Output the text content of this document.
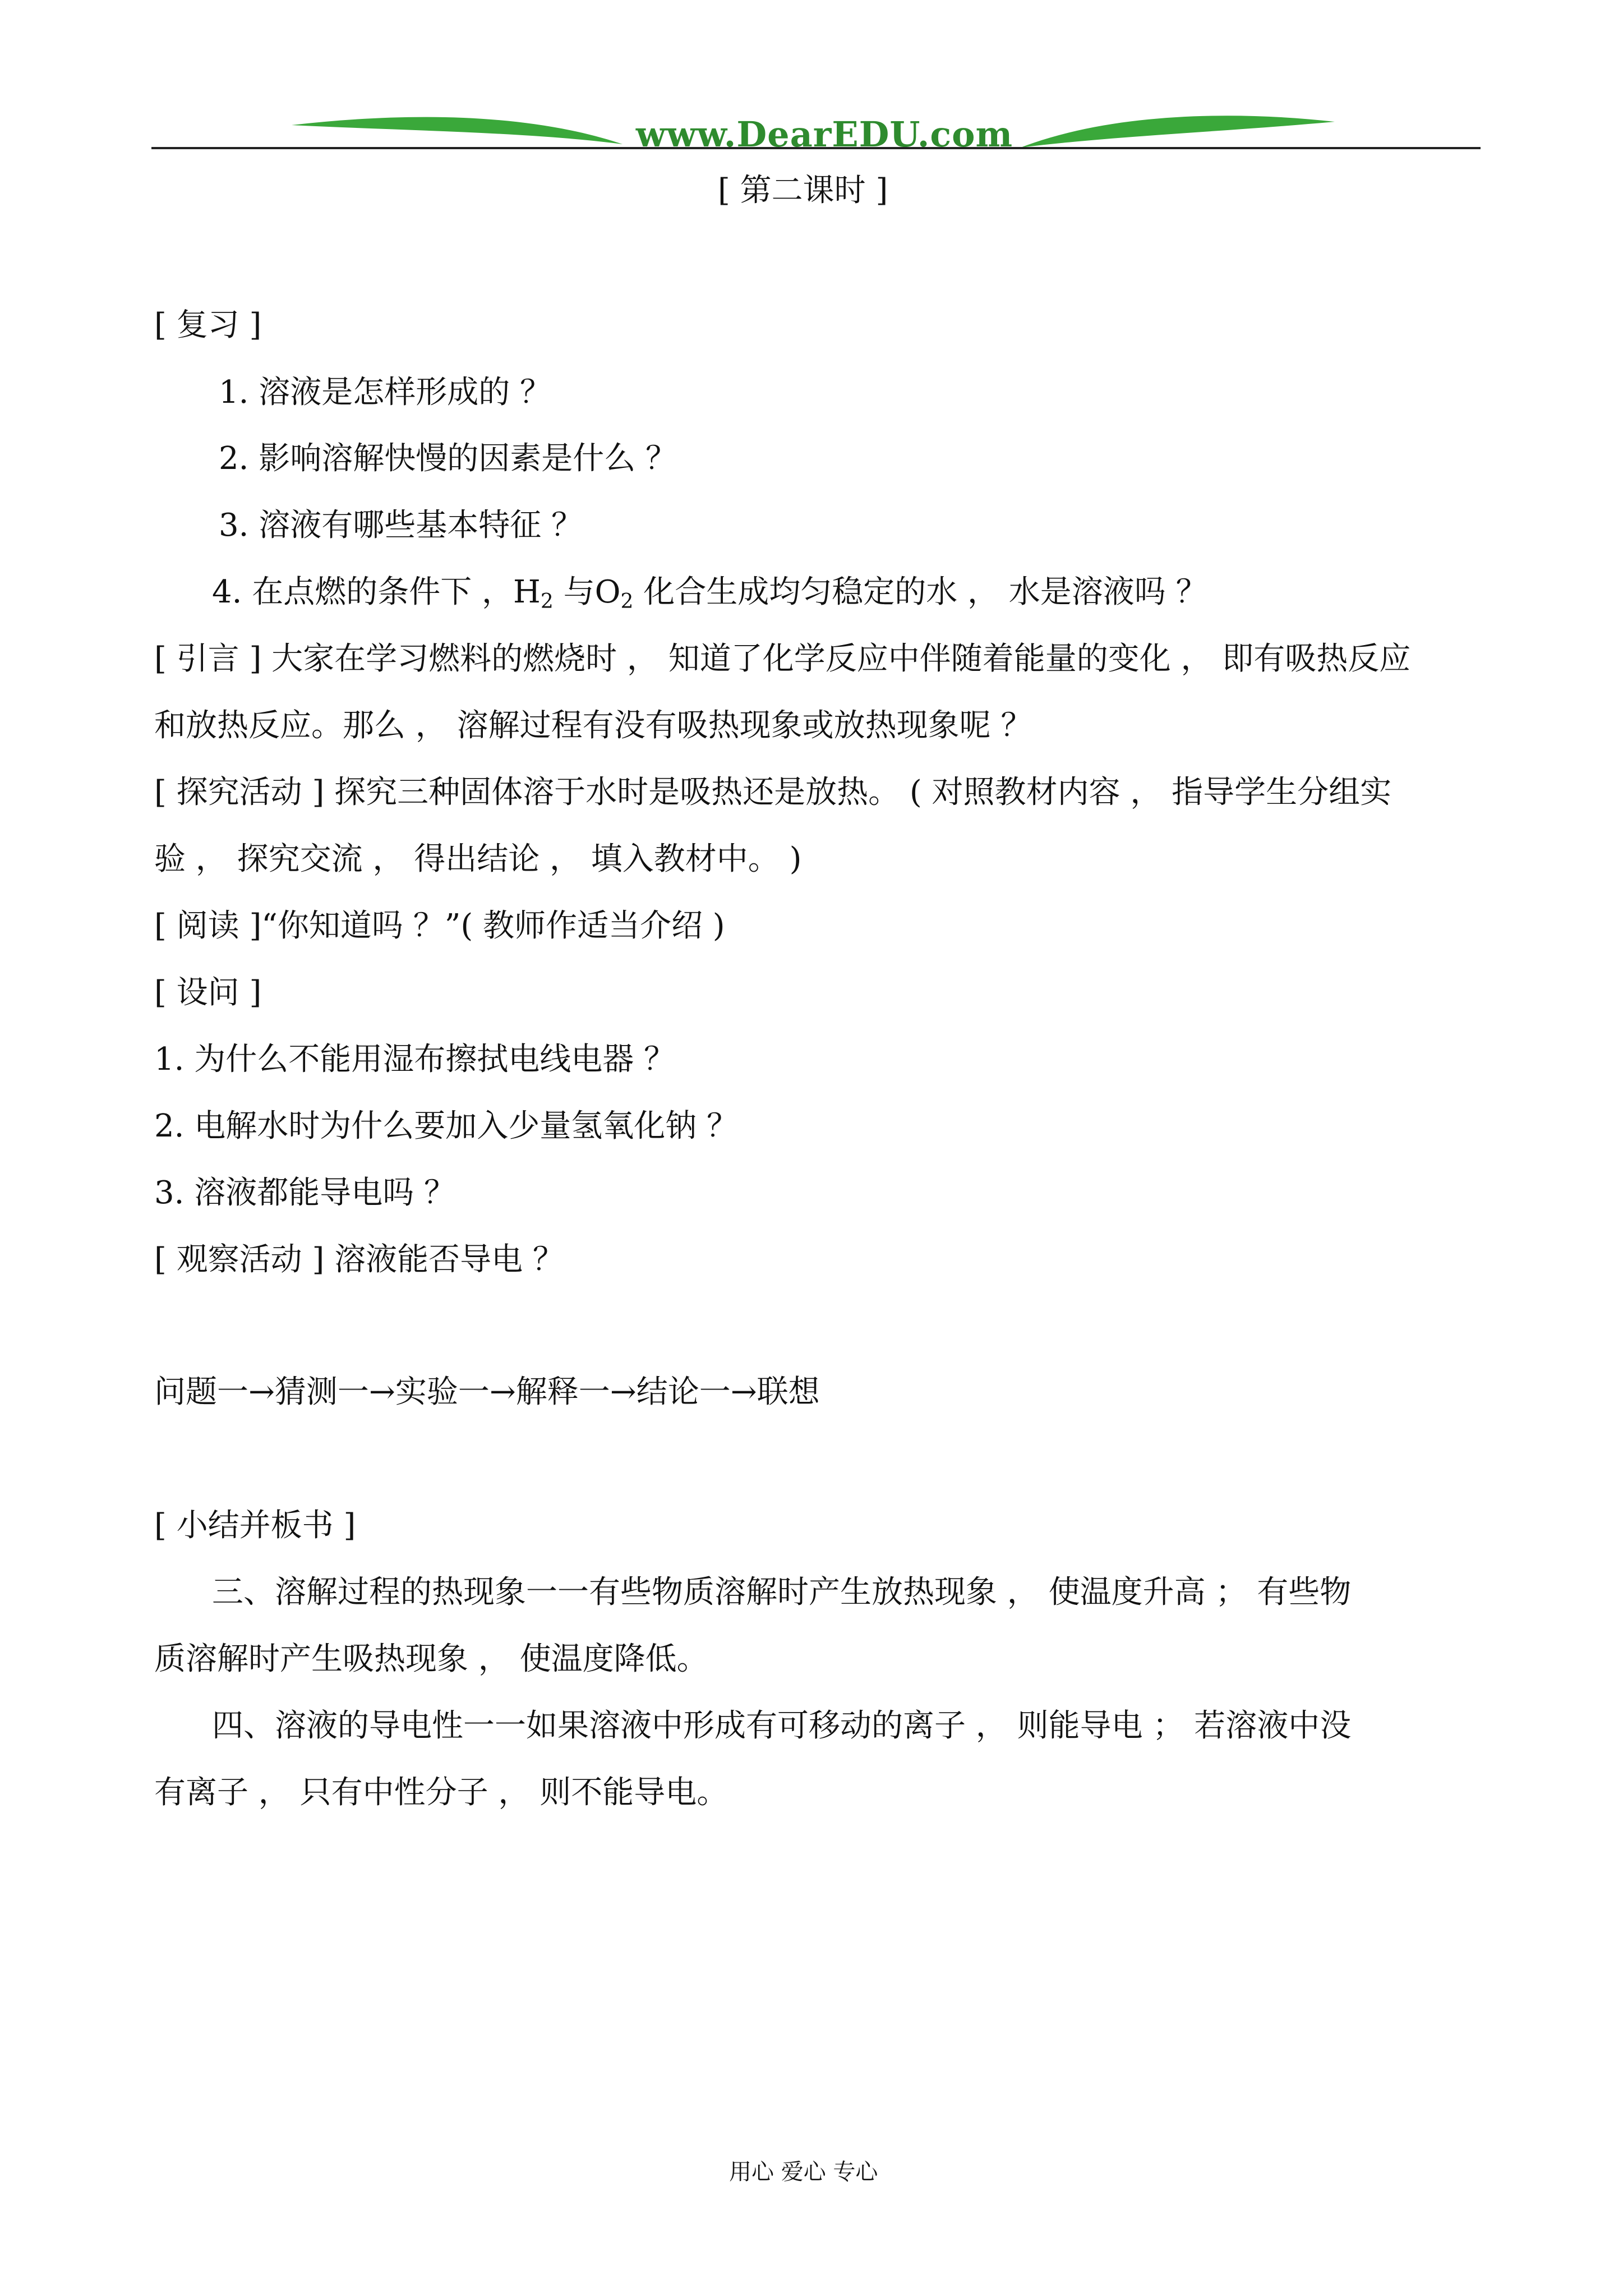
www.DearEDU.com
[ 第二课时 ]
[ 复习 ]
1. 溶液是怎样形成的 ？
2. 影响溶解快慢的因素是什么 ？
3. 溶液有哪些基本特征 ？
4. 在点燃的条件下 ，$H_2$ 与$O_2$ 化合生成均匀稳定的水 ， 水是溶液吗 ？
[ 引言 ] 大家在学习燃料的燃烧时 ， 知道了化学反应中伴随着能量的变化 ， 即有吸热反应
和放热反应。那么 ， 溶解过程有没有吸热现象或放热现象呢 ？
[ 探究活动 ] 探究三种固体溶于水时是吸热还是放热。 ( 对照教材内容 ， 指导学生分组实
验 ， 探究交流 ， 得出结论 ， 填入教材中。 )
[ 阅读 ]“你知道吗 ？”( 教师作适当介绍 )
[ 设问 ]
1. 为什么不能用湿布擦拭电线电器 ？
2. 电解水时为什么要加入少量氢氧化钠 ？
3. 溶液都能导电吗 ？
[ 观察活动 ] 溶液能否导电 ？
问题一→猜测一→实验一→解释一→结论一→联想
[ 小结并板书 ]
三、溶解过程的热现象一一有些物质溶解时产生放热现象 ， 使温度升高 ； 有些物
质溶解时产生吸热现象 ， 使温度降低。
四、溶液的导电性一一如果溶液中形成有可移动的离子 ， 则能导电 ； 若溶液中没
有离子 ， 只有中性分子 ， 则不能导电。
用心 爱心 专心
